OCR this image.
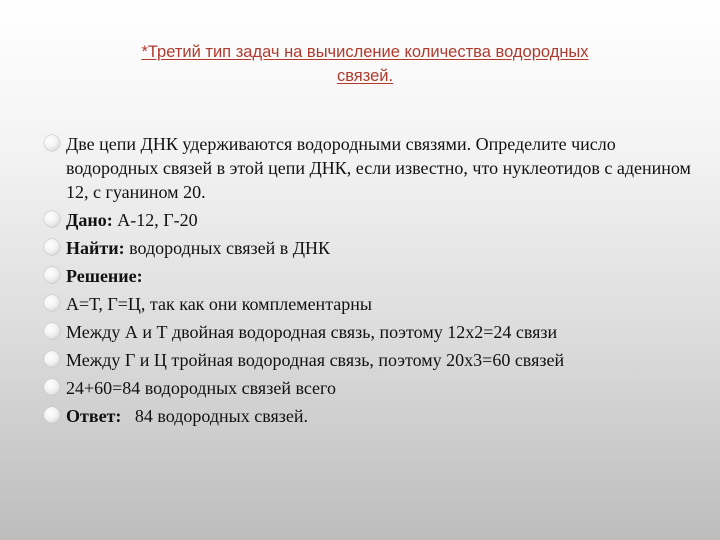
*Третий тип задач на вычисление количества водородных
связей.
Две цепи ДНК удерживаются водородными связями. Определите число водородных связей в этой цепи ДНК, если известно, что нуклеотидов с аденином 12, с гуанином 20.
Дано: А-12, Г-20
Найти: водородных связей в ДНК
Решение:
А=Т, Г=Ц, так как они комплементарны
Между А и Т двойная водородная связь, поэтому 12х2=24 связи
Между Г и Ц тройная водородная связь, поэтому 20х3=60 связей
24+60=84 водородных связей всего
Ответ:   84 водородных связей.
